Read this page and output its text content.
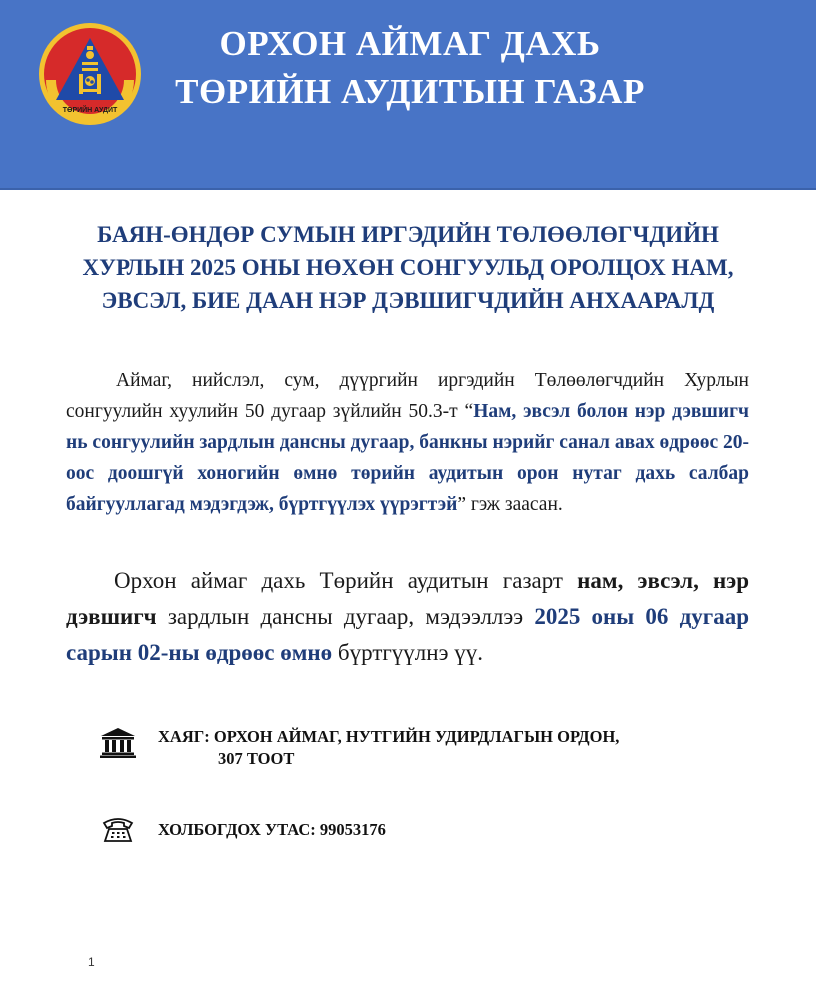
ТӨРИЙН АУДИТ
ОРХОН АЙМАГ ДАХЬ
ТӨРИЙН АУДИТЫН ГАЗАР
БАЯН-ӨНДӨР СУМЫН ИРГЭДИЙН ТӨЛӨӨЛӨГЧДИЙН ХУРЛЫН 2025 ОНЫ НӨХӨН СОНГУУЛЬД ОРОЛЦОХ НАМ, ЭВСЭЛ, БИЕ ДААН НЭР ДЭВШИГЧДИЙН АНХААРАЛД

Аймаг, нийслэл, сум, дүүргийн иргэдийн Төлөөлөгчдийн Хурлын сонгуулийн хуулийн 50 дугаар зүйлийн 50.3-т “Нам, эвсэл болон нэр дэвшигч нь сонгуулийн зардлын дансны дугаар, банкны нэрийг санал авах өдрөөс 20-оос доошгүй хоногийн өмнө төрийн аудитын орон нутаг дахь салбар байгууллагад мэдэгдэж, бүртгүүлэх үүрэгтэй” гэж заасан.

Орхон аймаг дахь Төрийн аудитын газарт нам, эвсэл, нэр дэвшигч зардлын дансны дугаар, мэдээллээ 2025 оны 06 дугаар сарын 02-ны өдрөөс өмнө бүртгүүлнэ үү.

ХАЯГ: ОРХОН АЙМАГ, НУТГИЙН УДИРДЛАГЫН ОРДОН,
307 ТООТ
ХОЛБОГДОХ УТАС: 99053176
1
